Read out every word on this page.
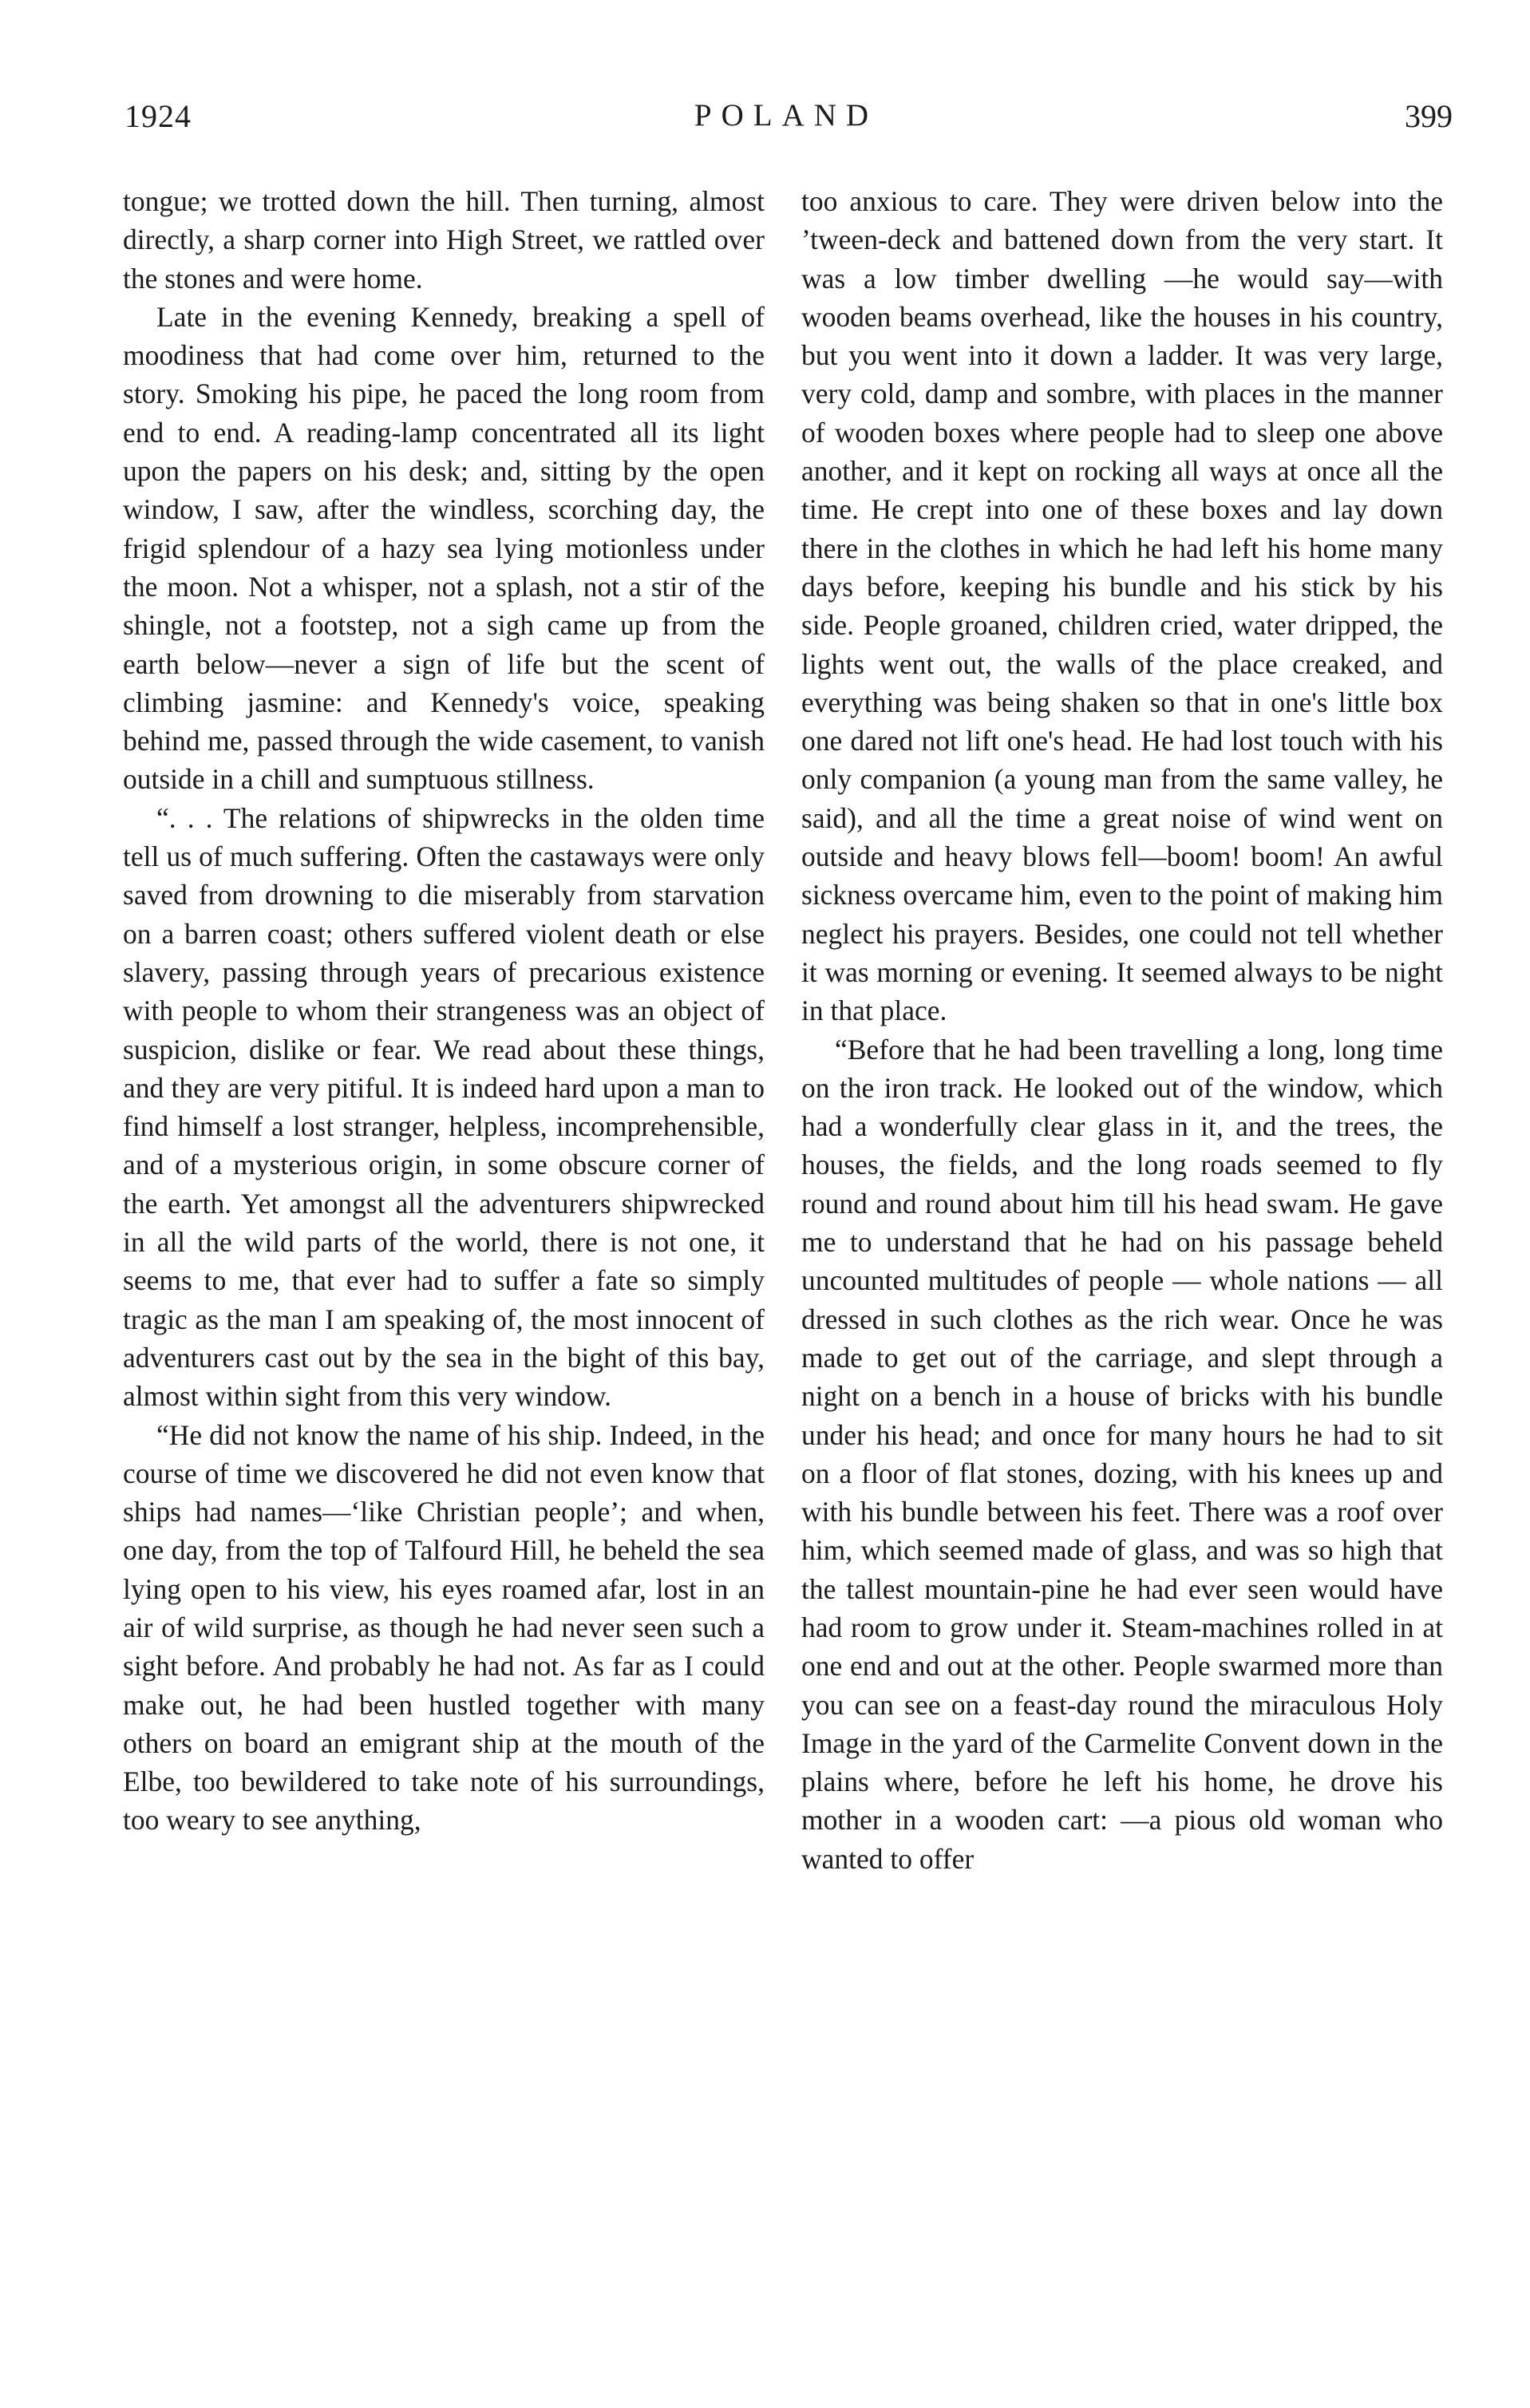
1924	POLAND	399

tongue; we trotted down the hill. Then turning, almost directly, a sharp corner into High Street, we rattled over the stones and were home.

Late in the evening Kennedy, breaking a spell of moodiness that had come over him, returned to the story. Smoking his pipe, he paced the long room from end to end. A reading-lamp concentrated all its light upon the papers on his desk; and, sitting by the open window, I saw, after the windless, scorching day, the frigid splendour of a hazy sea lying motionless under the moon. Not a whisper, not a splash, not a stir of the shingle, not a footstep, not a sigh came up from the earth below—never a sign of life but the scent of climbing jasmine: and Kennedy's voice, speaking behind me, passed through the wide casement, to vanish outside in a chill and sumptuous stillness.

“. . . The relations of shipwrecks in the olden time tell us of much suffering. Often the castaways were only saved from drowning to die miserably from starvation on a barren coast; others suffered violent death or else slavery, passing through years of precarious existence with people to whom their strangeness was an object of suspicion, dislike or fear. We read about these things, and they are very pitiful. It is indeed hard upon a man to find himself a lost stranger, helpless, incomprehensible, and of a mysterious origin, in some obscure corner of the earth. Yet amongst all the adventurers shipwrecked in all the wild parts of the world, there is not one, it seems to me, that ever had to suffer a fate so simply tragic as the man I am speaking of, the most innocent of adventurers cast out by the sea in the bight of this bay, almost within sight from this very window.

“He did not know the name of his ship. Indeed, in the course of time we discovered he did not even know that ships had names—‘like Christian people’; and when, one day, from the top of Talfourd Hill, he beheld the sea lying open to his view, his eyes roamed afar, lost in an air of wild surprise, as though he had never seen such a sight before. And probably he had not. As far as I could make out, he had been hustled together with many others on board an emigrant ship at the mouth of the Elbe, too bewildered to take note of his surroundings, too weary to see anything,

too anxious to care. They were driven below into the ’tween-deck and battened down from the very start. It was a low timber dwelling —he would say—with wooden beams overhead, like the houses in his country, but you went into it down a ladder. It was very large, very cold, damp and sombre, with places in the manner of wooden boxes where people had to sleep one above another, and it kept on rocking all ways at once all the time. He crept into one of these boxes and lay down there in the clothes in which he had left his home many days before, keeping his bundle and his stick by his side. People groaned, children cried, water dripped, the lights went out, the walls of the place creaked, and everything was being shaken so that in one's little box one dared not lift one's head. He had lost touch with his only companion (a young man from the same valley, he said), and all the time a great noise of wind went on outside and heavy blows fell—boom! boom! An awful sickness overcame him, even to the point of making him neglect his prayers. Besides, one could not tell whether it was morning or evening. It seemed always to be night in that place.

“Before that he had been travelling a long, long time on the iron track. He looked out of the window, which had a wonderfully clear glass in it, and the trees, the houses, the fields, and the long roads seemed to fly round and round about him till his head swam. He gave me to understand that he had on his passage beheld uncounted multitudes of people — whole nations — all dressed in such clothes as the rich wear. Once he was made to get out of the carriage, and slept through a night on a bench in a house of bricks with his bundle under his head; and once for many hours he had to sit on a floor of flat stones, dozing, with his knees up and with his bundle between his feet. There was a roof over him, which seemed made of glass, and was so high that the tallest mountain-pine he had ever seen would have had room to grow under it. Steam-machines rolled in at one end and out at the other. People swarmed more than you can see on a feast-day round the miraculous Holy Image in the yard of the Carmelite Convent down in the plains where, before he left his home, he drove his mother in a wooden cart: —a pious old woman who wanted to offer
